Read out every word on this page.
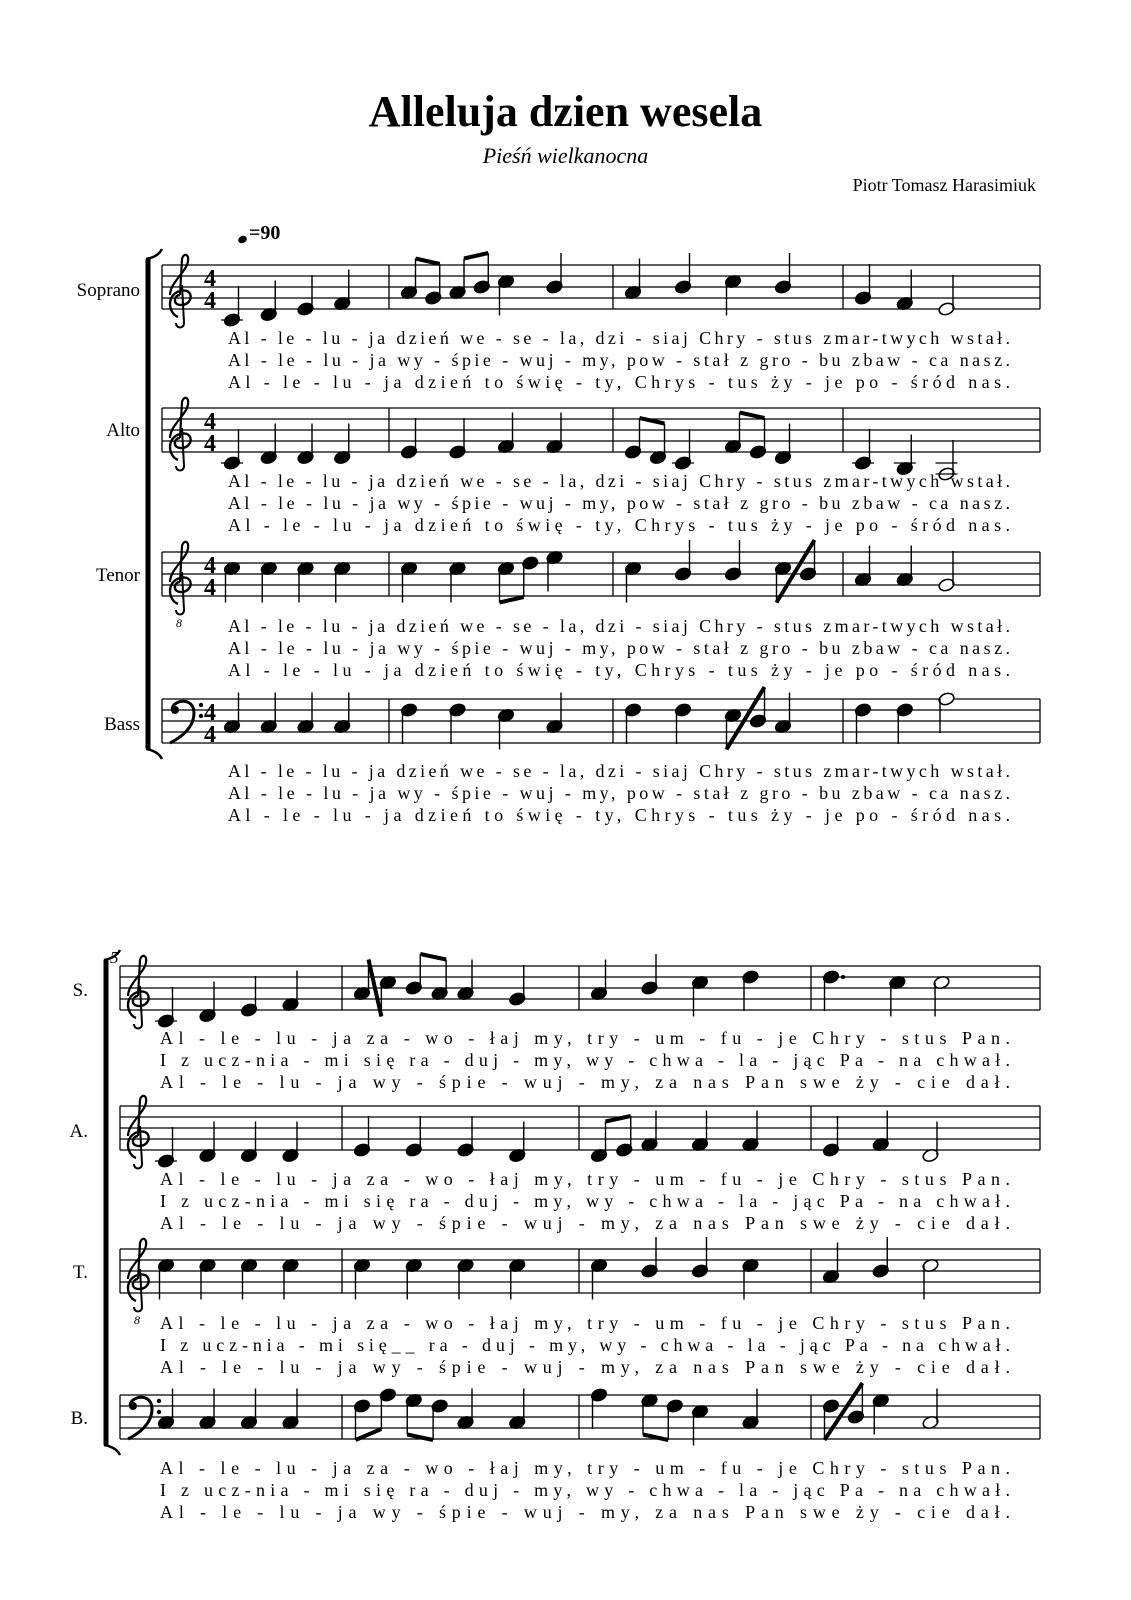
Alleluja dzien wesela
Pieśń wielkanocna
Piotr Tomasz Harasimiuk
=90
5
Soprano
Alto
Tenor
Bass
S.
A.
T.
B.
4
4
Al - le - lu - ja dzień we - se - la, dzi - siaj Chry - stus zmar-twych wstał.
Al - le - lu - ja wy - śpie - wuj - my, pow - stał z gro - bu zbaw - ca nasz.
Al - le - lu - ja dzień to świę - ty, Chrys - tus ży - je po - śród nas.
4
4
Al - le - lu - ja dzień we - se - la, dzi - siaj Chry - stus zmar-twych wstał.
Al - le - lu - ja wy - śpie - wuj - my, pow - stał z gro - bu zbaw - ca nasz.
Al - le - lu - ja dzień to świę - ty, Chrys - tus ży - je po - śród nas.
8
4
4
Al - le - lu - ja dzień we - se - la, dzi - siaj Chry - stus zmar-twych wstał.
Al - le - lu - ja wy - śpie - wuj - my, pow - stał z gro - bu zbaw - ca nasz.
Al - le - lu - ja dzień to świę - ty, Chrys - tus ży - je po - śród nas.
4
4
Al - le - lu - ja dzień we - se - la, dzi - siaj Chry - stus zmar-twych wstał.
Al - le - lu - ja wy - śpie - wuj - my, pow - stał z gro - bu zbaw - ca nasz.
Al - le - lu - ja dzień to świę - ty, Chrys - tus ży - je po - śród nas.
Al - le - lu - ja za - wo - łaj my, try - um - fu - je Chry - stus Pan.
I z ucz-nia - mi się ra - duj - my, wy - chwa - la - jąc Pa - na chwał.
Al - le - lu - ja wy - śpie - wuj - my, za nas Pan swe ży - cie dał.
Al - le - lu - ja za - wo - łaj my, try - um - fu - je Chry - stus Pan.
I z ucz-nia - mi się ra - duj - my, wy - chwa - la - jąc Pa - na chwał.
Al - le - lu - ja wy - śpie - wuj - my, za nas Pan swe ży - cie dał.
8 Al - le - lu - ja za - wo - łaj my, try - um - fu - je Chry - stus Pan.
I z ucz-nia - mi się__ ra - duj - my, wy - chwa - la - jąc Pa - na chwał.
Al - le - lu - ja wy - śpie - wuj - my, za nas Pan swe ży - cie dał.
Al - le - lu - ja za - wo - łaj my, try - um - fu - je Chry - stus Pan.
I z ucz-nia - mi się ra - duj - my, wy - chwa - la - jąc Pa - na chwał.
Al - le - lu - ja wy - śpie - wuj - my, za nas Pan swe ży - cie dał.
